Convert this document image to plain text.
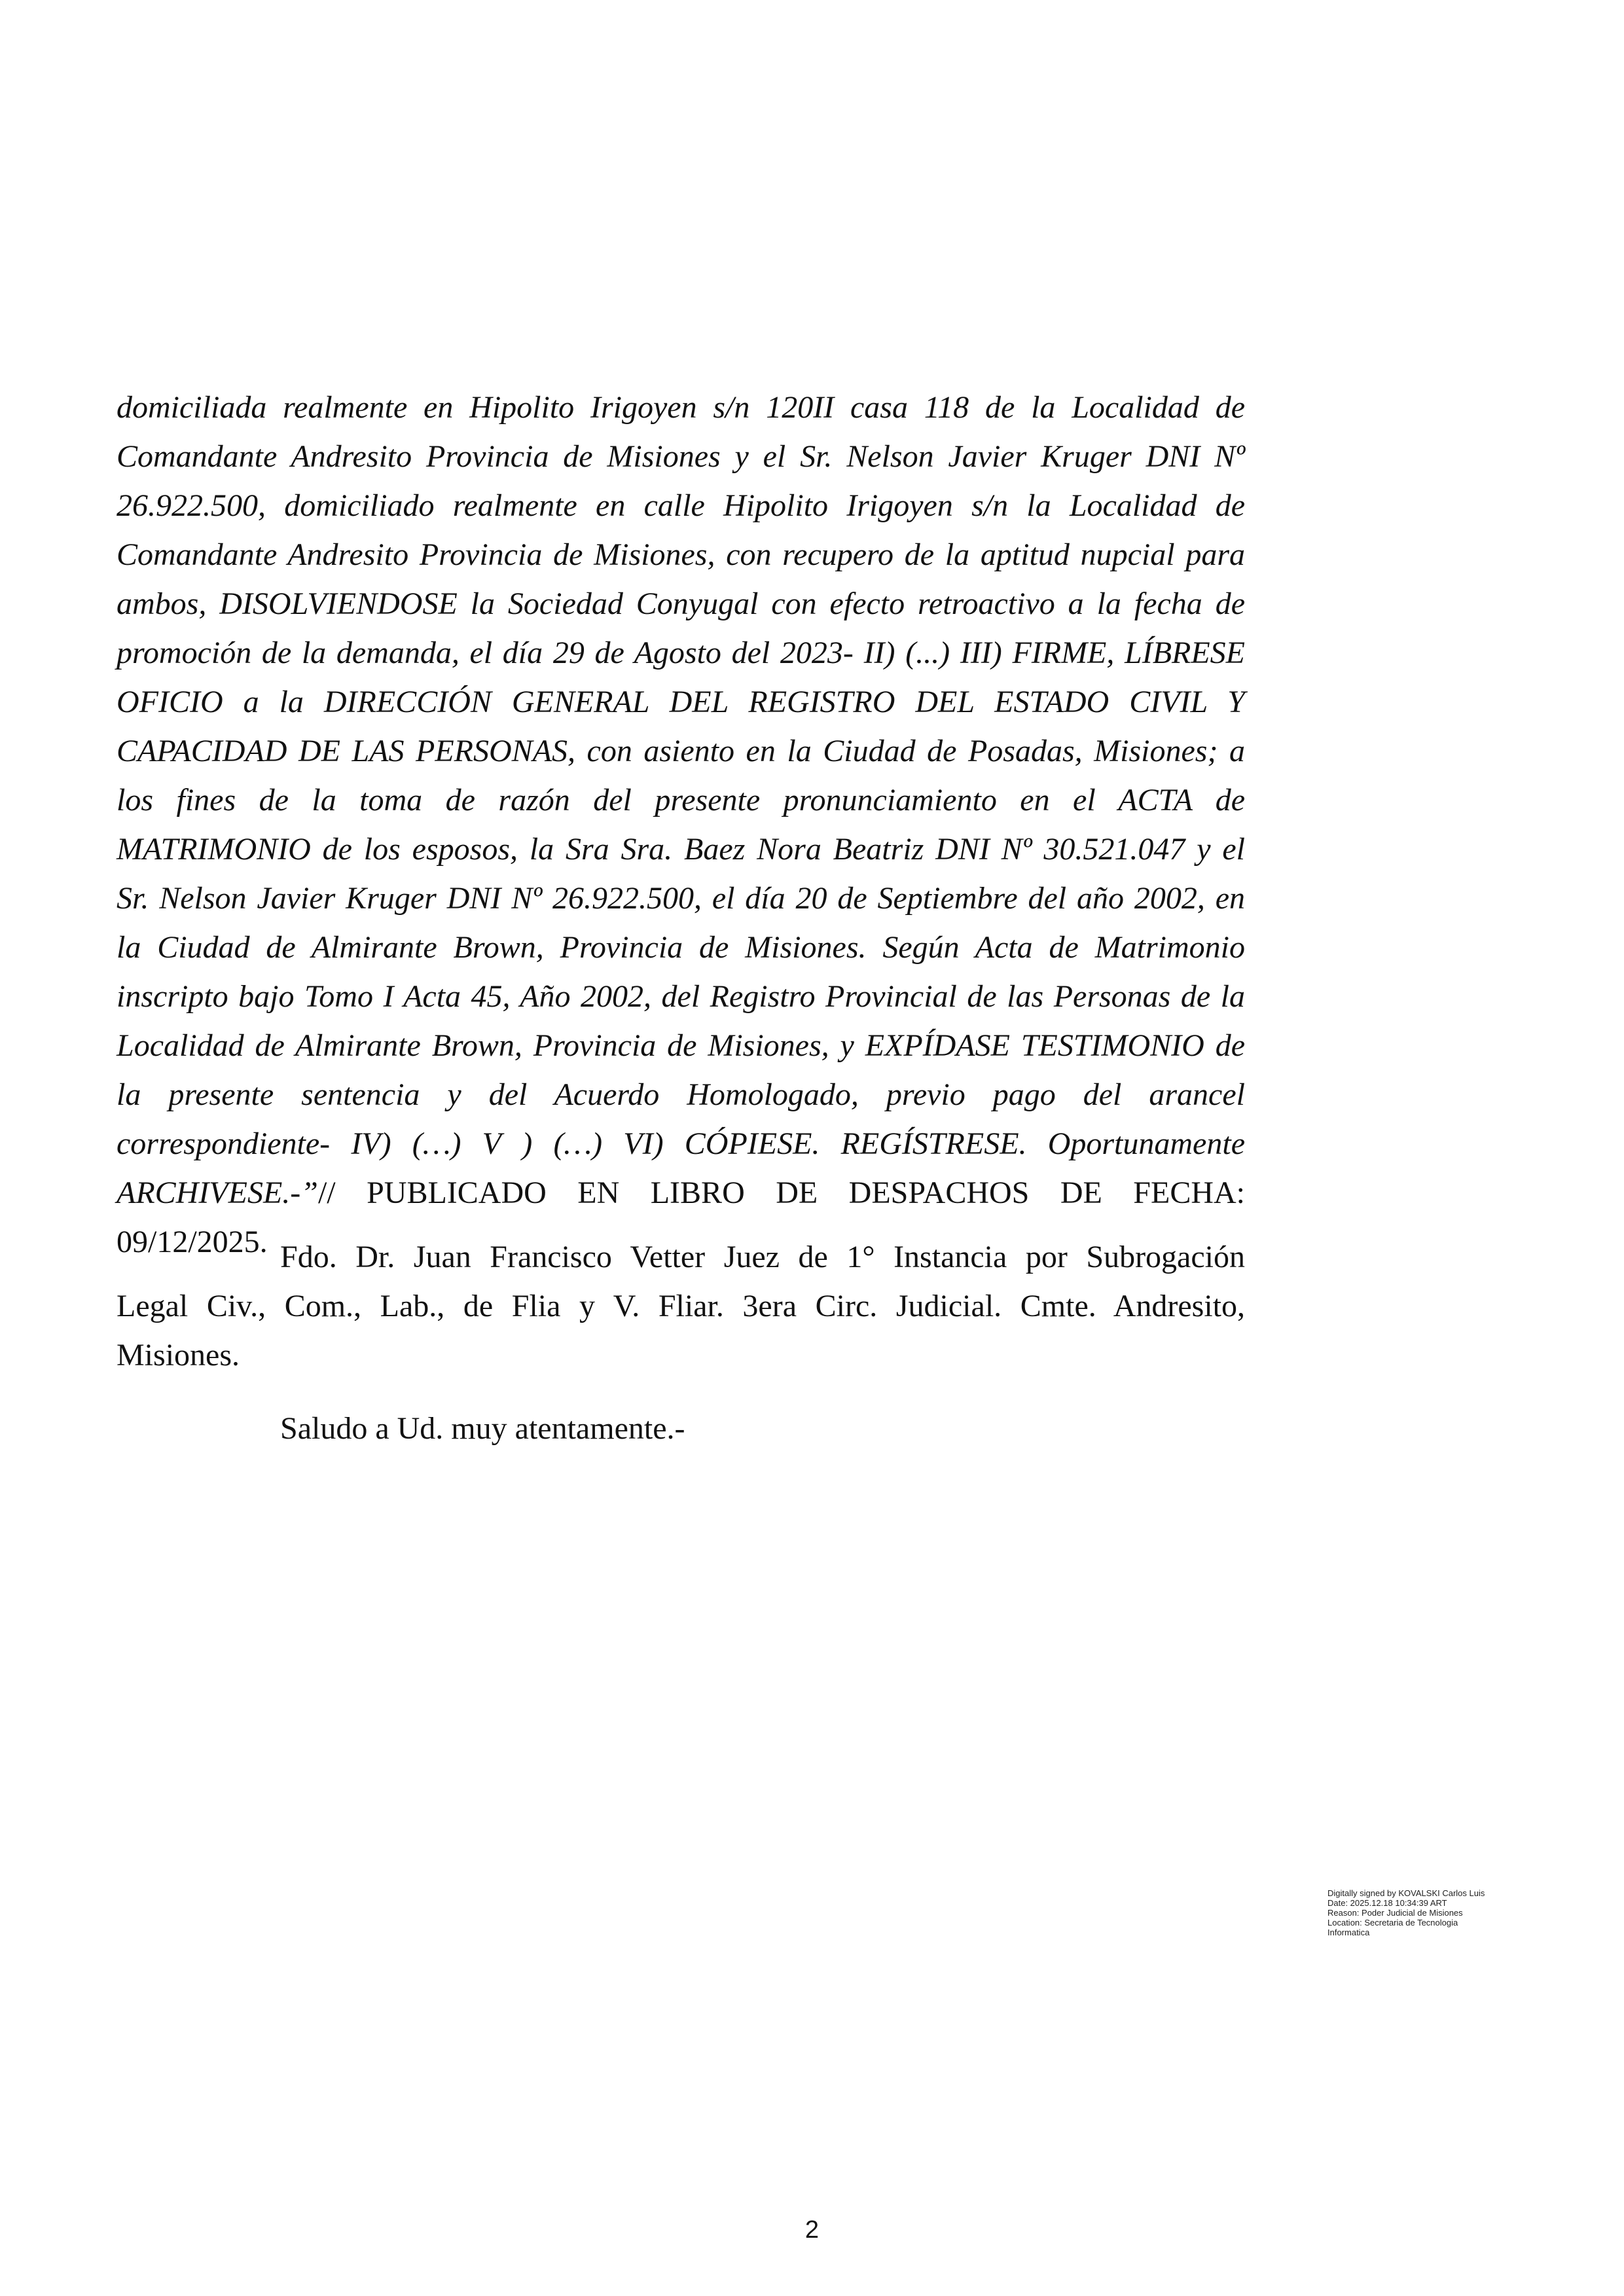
domiciliada realmente en Hipolito Irigoyen s/n 120II casa 118 de la Localidad de
Comandante Andresito Provincia de Misiones y el Sr. Nelson Javier Kruger DNI Nº
26.922.500, domiciliado realmente en calle Hipolito Irigoyen s/n la Localidad de
Comandante Andresito Provincia de Misiones, con recupero de la aptitud nupcial para
ambos, DISOLVIENDOSE la Sociedad Conyugal con efecto retroactivo a la fecha de
promoción de la demanda, el día 29 de Agosto del 2023- II) (...) III) FIRME, LÍBRESE
OFICIO a la DIRECCIÓN GENERAL DEL REGISTRO DEL ESTADO CIVIL Y
CAPACIDAD DE LAS PERSONAS, con asiento en la Ciudad de Posadas, Misiones; a
los fines de la toma de razón del presente pronunciamiento en el ACTA de
MATRIMONIO de los esposos, la Sra Sra. Baez Nora Beatriz DNI Nº 30.521.047 y el
Sr. Nelson Javier Kruger DNI Nº 26.922.500, el día 20 de Septiembre del año 2002, en
la Ciudad de Almirante Brown, Provincia de Misiones. Según Acta de Matrimonio
inscripto bajo Tomo I Acta 45, Año 2002, del Registro Provincial de las Personas de la
Localidad de Almirante Brown, Provincia de Misiones, y EXPÍDASE TESTIMONIO de
la presente sentencia y del Acuerdo Homologado, previo pago del arancel
correspondiente- IV) (…) V ) (…) VI) CÓPIESE. REGÍSTRESE. Oportunamente
ARCHIVESE.-”// PUBLICADO EN LIBRO DE DESPACHOS DE FECHA:
09/12/2025. Fdo. Dr. Juan Francisco Vetter Juez de 1° Instancia por Subrogación
Legal Civ., Com., Lab., de Flia y V. Fliar. 3era Circ. Judicial. Cmte. Andresito,
Misiones.
Saludo a Ud. muy atentamente.-
Digitally signed by KOVALSKI Carlos Luis
Date: 2025.12.18 10:34:39 ART
Reason: Poder Judicial de Misiones
Location: Secretaria de Tecnologia
Informatica
2
